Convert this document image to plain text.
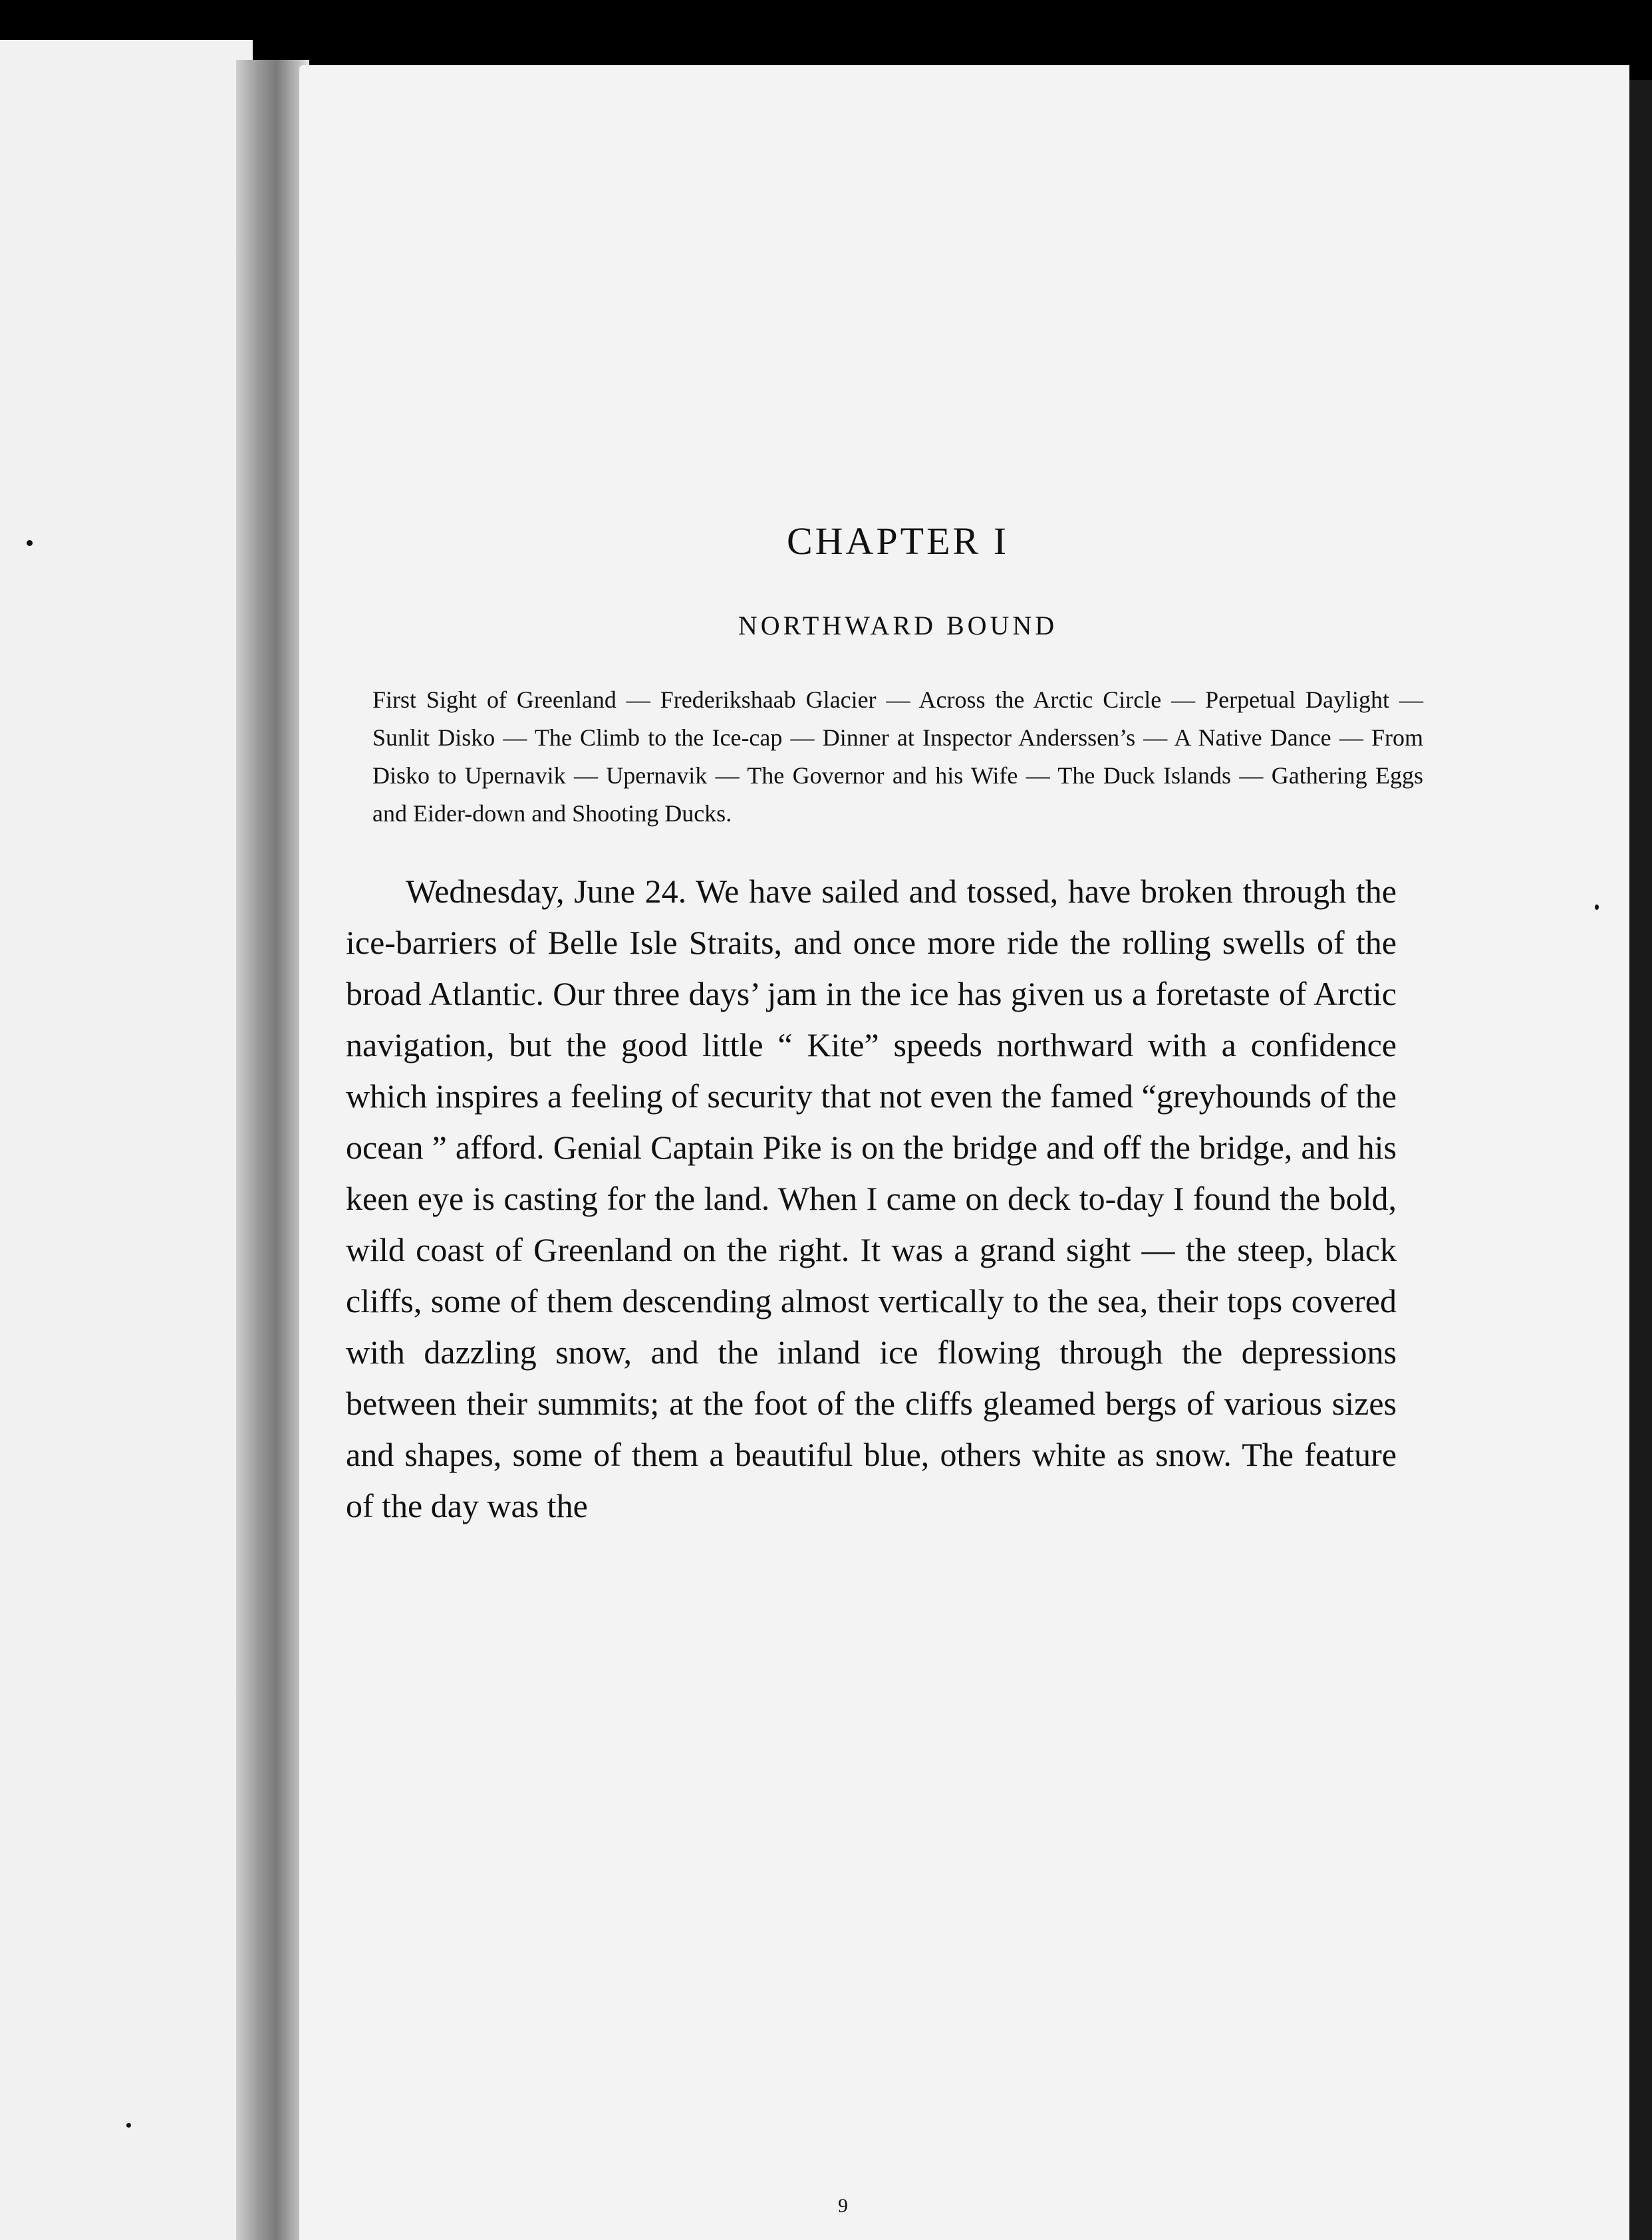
CHAPTER I
NORTHWARD BOUND

First Sight of Greenland — Frederikshaab Glacier — Across the Arctic Circle — Perpetual Daylight — Sunlit Disko — The Climb to the Ice-cap — Dinner at Inspector Anderssen’s — A Native Dance — From Disko to Upernavik — Upernavik — The Governor and his Wife — The Duck Islands — Gathering Eggs and Eider-down and Shooting Ducks.

Wednesday, June 24. We have sailed and tossed, have broken through the ice-barriers of Belle Isle Straits, and once more ride the rolling swells of the broad Atlantic. Our three days’ jam in the ice has given us a foretaste of Arctic navigation, but the good little “ Kite” speeds northward with a confidence which inspires a feeling of security that not even the famed “greyhounds of the ocean ” afford. Genial Captain Pike is on the bridge and off the bridge, and his keen eye is casting for the land. When I came on deck to-day I found the bold, wild coast of Greenland on the right. It was a grand sight — the steep, black cliffs, some of them descending almost vertically to the sea, their tops covered with dazzling snow, and the inland ice flowing through the depressions between their summits; at the foot of the cliffs gleamed bergs of various sizes and shapes, some of them a beautiful blue, others white as snow. The feature of the day was the

9
